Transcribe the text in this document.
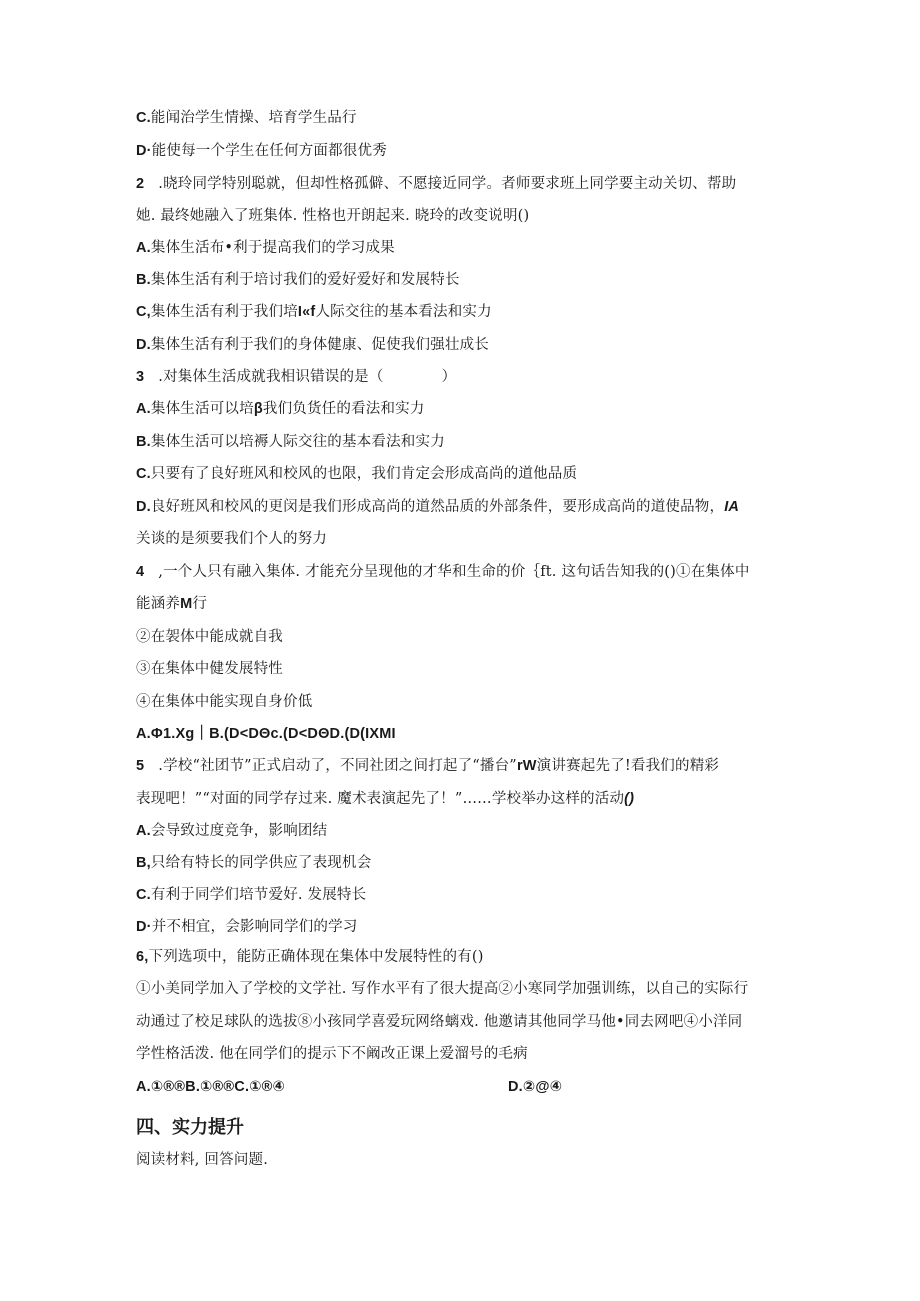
C.能闻治学生情操、培育学生品行
D·能使每一个学生在任何方面都很优秀
2 .晓玲同学特别聪就，但却性格孤僻、不愿接近同学。者师要求班上同学要主动关切、帮助
她. 最终她融入了班集体. 性格也开朗起来. 晓玲的改变说明()
A.集体生活布•利于提高我们的学习成果
B.集体生活有利于培讨我们的爱好爱好和发展特长
C,集体生活有利于我们培I«f人际交往的基本看法和实力
D.集体生活有利于我们的身体健康、促使我们强壮成长
3 .对集体生活成就我相识错误的是（	）
A.集体生活可以培β我们负货任的看法和实力
B.集体生活可以培褥人际交往的基本看法和实力
C.只要有了良好班风和校风的也限，我们肯定会形成高尚的道他品质
D.良好班风和校风的更闵是我们形成高尚的道然品质的外部条件，要形成高尚的道使品物，IA
关谈的是须要我们个人的努力
4 ,一个人只有融入集体. 才能充分呈现他的才华和生命的价｛ft. 这句话告知我的()①在集体中
能涵养M行
②在袈体中能成就自我
③在集体中健发展特性
④在集体中能实现自身价低
A.Φ1.Xg｜B.(D<DΘc.(D<DΘD.(D(IXMI
5 .学校“社团节”正式启动了，不同社团之间打起了“播台”rW演讲赛起先了!看我们的精彩
表现吧！”“对面的同学存过来. 魔术表演起先了！”……学校举办这样的活动()
A.会导致过度竞争，影响团结
B,只给有特长的同学供应了表现机会
C.有利于同学们培节爱好. 发展特长
D·并不相宜，会影响同学们的学习
6,下列选项中，能防正确体现在集体中发展特性的有()
①小美同学加入了学校的文学社. 写作水平有了很大提高②小寒同学加强训练，以自己的实际行
动通过了校足球队的选拔⑧小孩同学喜爱玩网络螭戏. 他邀请其他同学马他•同去网吧④小洋同
学性格活泼. 他在同学们的提示下不阚改正课上爱溜号的毛病
A.①®®B.①®®C.①®④	D.②@④
四、实力提升
阅读材料, 回答问题.
